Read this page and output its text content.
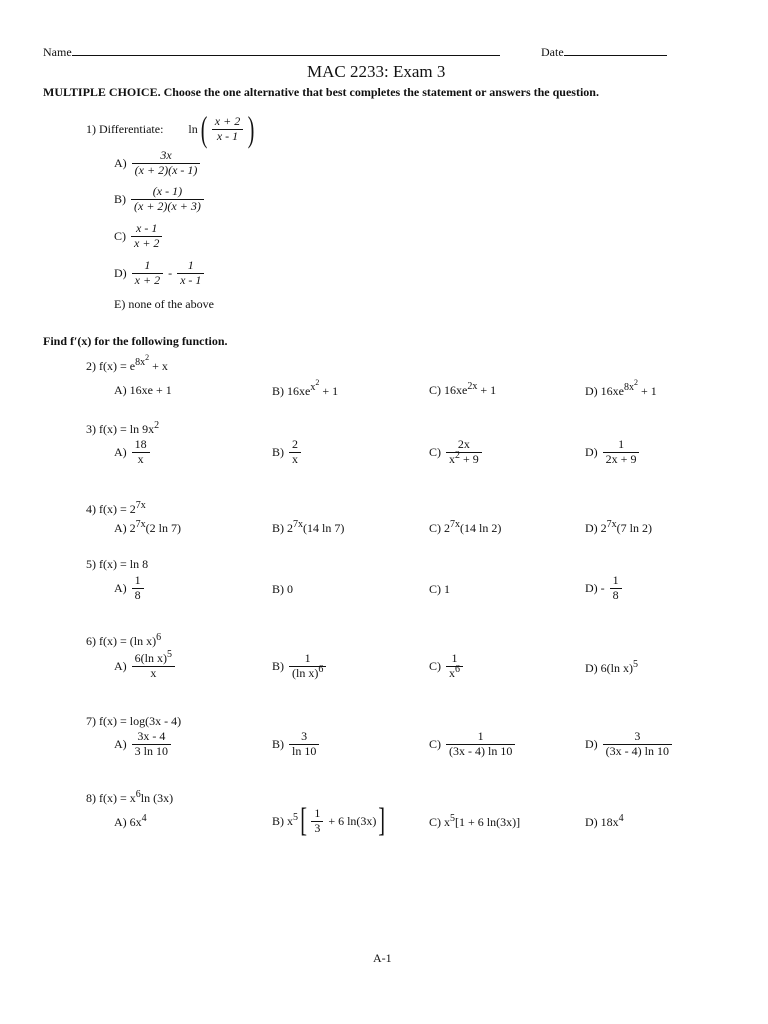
Name	Date
MAC 2233: Exam 3
MULTIPLE CHOICE. Choose the one alternative that best completes the statement or answers the question.
1) Differentiate: ln ( $\frac{x + 2}{x - 1}$ )
$A) \frac{3x}{(x + 2)(x - 1)}$
$B) \frac{(x - 1)}{(x + 2)(x + 3)}$
$C) \frac{x - 1}{x + 2}$
$D) \frac{1}{x + 2} - \frac{1}{x - 1}$
E) none of the above
Find f′(x) for the following function.
2) $f(x) = e^{8x2} + x$
A) 16xe + 1	B) $16xe^{x2} + 1$	C) $16xe^{2x} + 1$	D) $16xe^{8x2} + 1$
3) $f(x) = \ln 9x^2$
$A) \frac{18}{x}$	$B) \frac{2}{x}$	$C) \frac{2x}{x^2 + 9}$	$D) \frac{1}{2x + 9}$
4) $f(x) = 2^{7x}$
A) $2^{7x}(2$ ln 7)	B) $2^{7x}(14$ ln 7)	C) $2^{7x}(14$ ln 2)	D) $2^{7x}(7$ ln 2)
5) f(x) = ln 8
$A) \frac{1}{8}$	B) 0	C) 1	$D) - \frac{1}{8}$
6) f(x) = (ln x)$^6$
$A) \frac{6(\ln x)^5}{x}$	$B) \frac{1}{(\ln x)^6}$	$C) \frac{1}{x^6}$	D) 6(ln x)$^5$
7) f(x) = log(3x - 4)
$A) \frac{3x - 4}{3 \ln 10}$	$B) \frac{3}{\ln 10}$	$C) \frac{1}{(3x - 4) \ln 10}$	$D) \frac{3}{(3x - 4) \ln 10}$
8) $f(x) = x^6\ln$ (3x)
A) $6x^4$	B) $x^5$ [ $\frac{1}{3} + 6$ ln(3x) ]	C) $x^5[1 + 6$ ln(3x)]	D) $18x^4$
A-1
